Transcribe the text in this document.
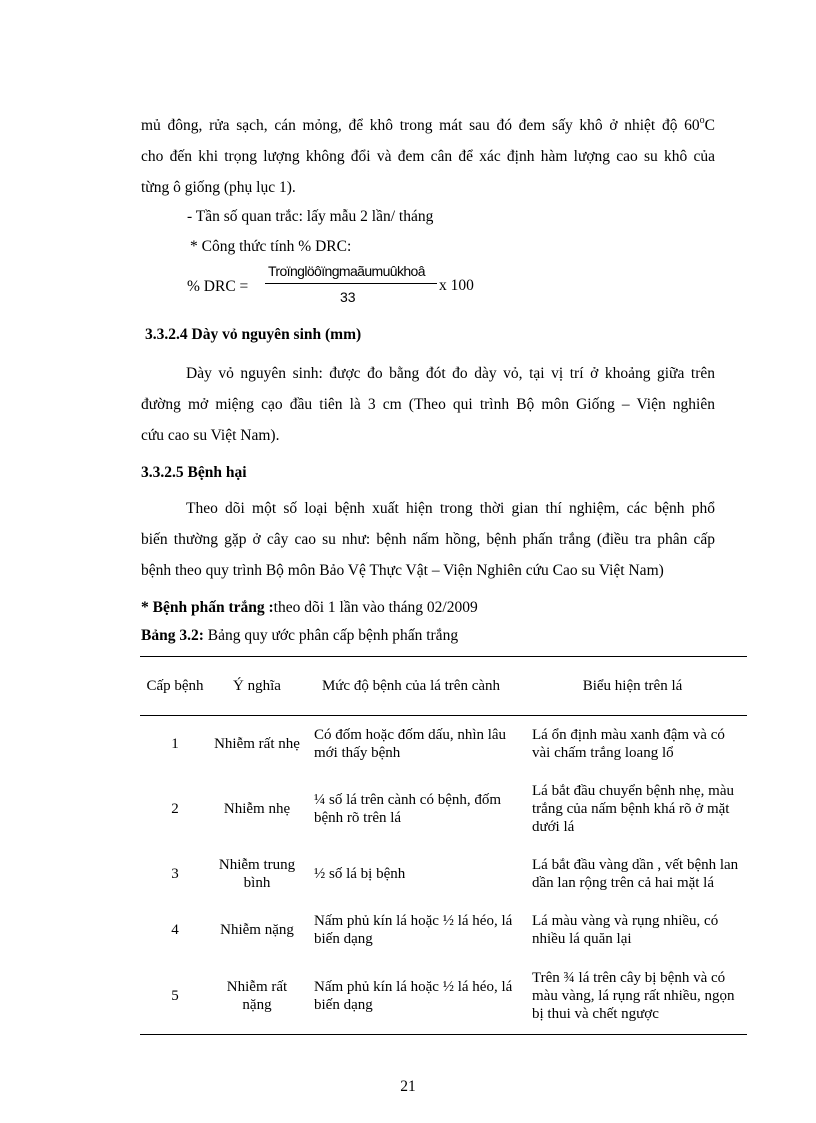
mủ đông, rửa sạch, cán mỏng, để khô trong mát sau đó đem sấy khô ở nhiệt độ 60$^o$C
cho đến khi trọng lượng không đổi và đem cân để xác định hàm lượng cao su khô của
từng ô giống (phụ lục 1).
- Tần số quan trắc: lấy mẫu 2 lần/ tháng
* Công thức tính % DRC:
% DRC =
Troïnglöôïngmaãumuûkhoâ
33
x 100
3.3.2.4 Dày vỏ nguyên sinh (mm)
Dày vỏ nguyên sinh: được đo bằng đót đo dày vỏ, tại vị trí ở khoảng giữa trên
đường mở miệng cạo đầu tiên là 3 cm (Theo qui trình Bộ môn Giống – Viện nghiên
cứu cao su Việt Nam).
3.3.2.5 Bệnh hại
Theo dõi một số loại bệnh xuất hiện trong thời gian thí nghiệm, các bệnh phổ
biến thường gặp ở cây cao su như: bệnh nấm hồng, bệnh phấn trắng (điều tra phân cấp
bệnh theo quy trình Bộ môn Bảo Vệ Thực Vật – Viện Nghiên cứu Cao su Việt Nam)
* Bệnh phấn trắng :theo dõi 1 lần vào tháng 02/2009
Bảng 3.2: Bảng quy ước phân cấp bệnh phấn trắng
Cấp bệnh	Ý nghĩa	Mức độ bệnh của lá trên cành	Biểu hiện trên lá
1	Nhiễm rất nhẹ	Có đốm hoặc đốm dấu, nhìn lâu mới thấy bệnh	Lá ổn định màu xanh đậm và có vài chấm trắng loang lổ
2	Nhiễm nhẹ	¼ số lá trên cành có bệnh, đốm bệnh rõ trên lá	Lá bắt đầu chuyển bệnh nhẹ, màu trắng của nấm bệnh khá rõ ở mặt dưới lá
3	Nhiễm trung bình	½ số lá bị bệnh	Lá bắt đầu vàng dần , vết bệnh lan dần lan rộng trên cả hai mặt lá
4	Nhiễm nặng	Nấm phủ kín lá hoặc ½ lá héo, lá biến dạng	Lá màu vàng và rụng nhiều, có nhiều lá quăn lại
5	Nhiễm rất nặng	Nấm phủ kín lá hoặc ½ lá héo, lá biến dạng	Trên ¾ lá trên cây bị bệnh và có màu vàng, lá rụng rất nhiều, ngọn bị thui và chết ngược
21
